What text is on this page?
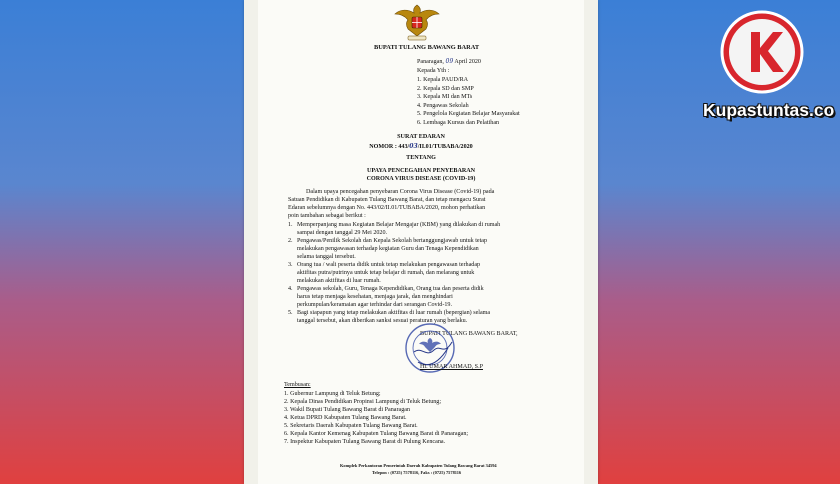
Kupastuntas.co
BUPATI TULANG BAWANG BARAT
Panaragan, 09 April 2020
Kepada Yth :
1. Kepala PAUD/RA
2. Kepala SD dan SMP
3. Kepala MI dan MTs
4. Pengawas Sekolah
5. Pengelola Kegiatan Belajar Masyarakat
6. Lembaga Kursus dan Pelatihan
SURAT EDARAN
NOMOR : 443/03/II.01/TUBABA/2020
TENTANG
UPAYA PENCEGAHAN PENYEBARAN
CORONA VIRUS DISEASE (COVID-19)
Dalam upaya pencegahan penyebaran Corona Virus Disease (Covid-19) pada
Satuan Pendidikan di Kabupaten Tulang Bawang Barat, dan tetap mengacu Surat
Edaran sebelumnya dengan No. 443/02/II.01/TUBABA/2020, mohon perhatikan
poin tambahan sebagai berikut :
1. Memperpanjang masa Kegiatan Belajar Mengajar (KBM) yang dilakukan di rumah
sampai dengan tanggal 29 Mei 2020.
2. Pengawas/Penilik Sekolah dan Kepala Sekolah bertanggungjawab untuk tetap
melakukan pengawasan terhadap kegiatan Guru dan Tenaga Kependidikan
selama tanggal tersebut.
3. Orang tua / wali peserta didik untuk tetap melakukan pengawasan terhadap
aktifitas putra/putrinya untuk tetap belajar di rumah, dan melarang untuk
melakukan aktifitas di luar rumah.
4. Pengawas sekolah, Guru, Tenaga Kependidikan, Orang tua dan peserta didik
harus tetap menjaga kesehatan, menjaga jarak, dan menghindari
perkumpulan/keramaian agar terhindar dari serangan Covid-19.
5. Bagi siapapun yang tetap melakukan aktifitas di luar rumah (bepergian) selama
tanggal tersebut, akan diberikan sanksi sesuai peraturan yang berlaku.
BUPATI TULANG BAWANG BARAT,
Hi. UMAR AHMAD, S.P
Tembusan:
1. Gubernur Lampung di Teluk Betung;
2. Kepala Dinas Pendidikan Propinsi Lampung di Teluk Betung;
3. Wakil Bupati Tulang Bawang Barat di Panaragan
4. Ketua DPRD Kabupaten Tulang Bawang Barat.
5. Sekretaris Daerah Kabupaten Tulang Bawang Barat.
6. Kepala Kantor Kemenag Kabupaten Tulang Bawang Barat di Panaragan;
7. Inspektur Kabupaten Tulang Bawang Barat di Pulung Kencana.
Komplek Perkantoran Pemerintah Daerah Kabupaten Tulang Bawang Barat 34594
Telepon : (0725) 7578116, Faks : (0725) 7578116
